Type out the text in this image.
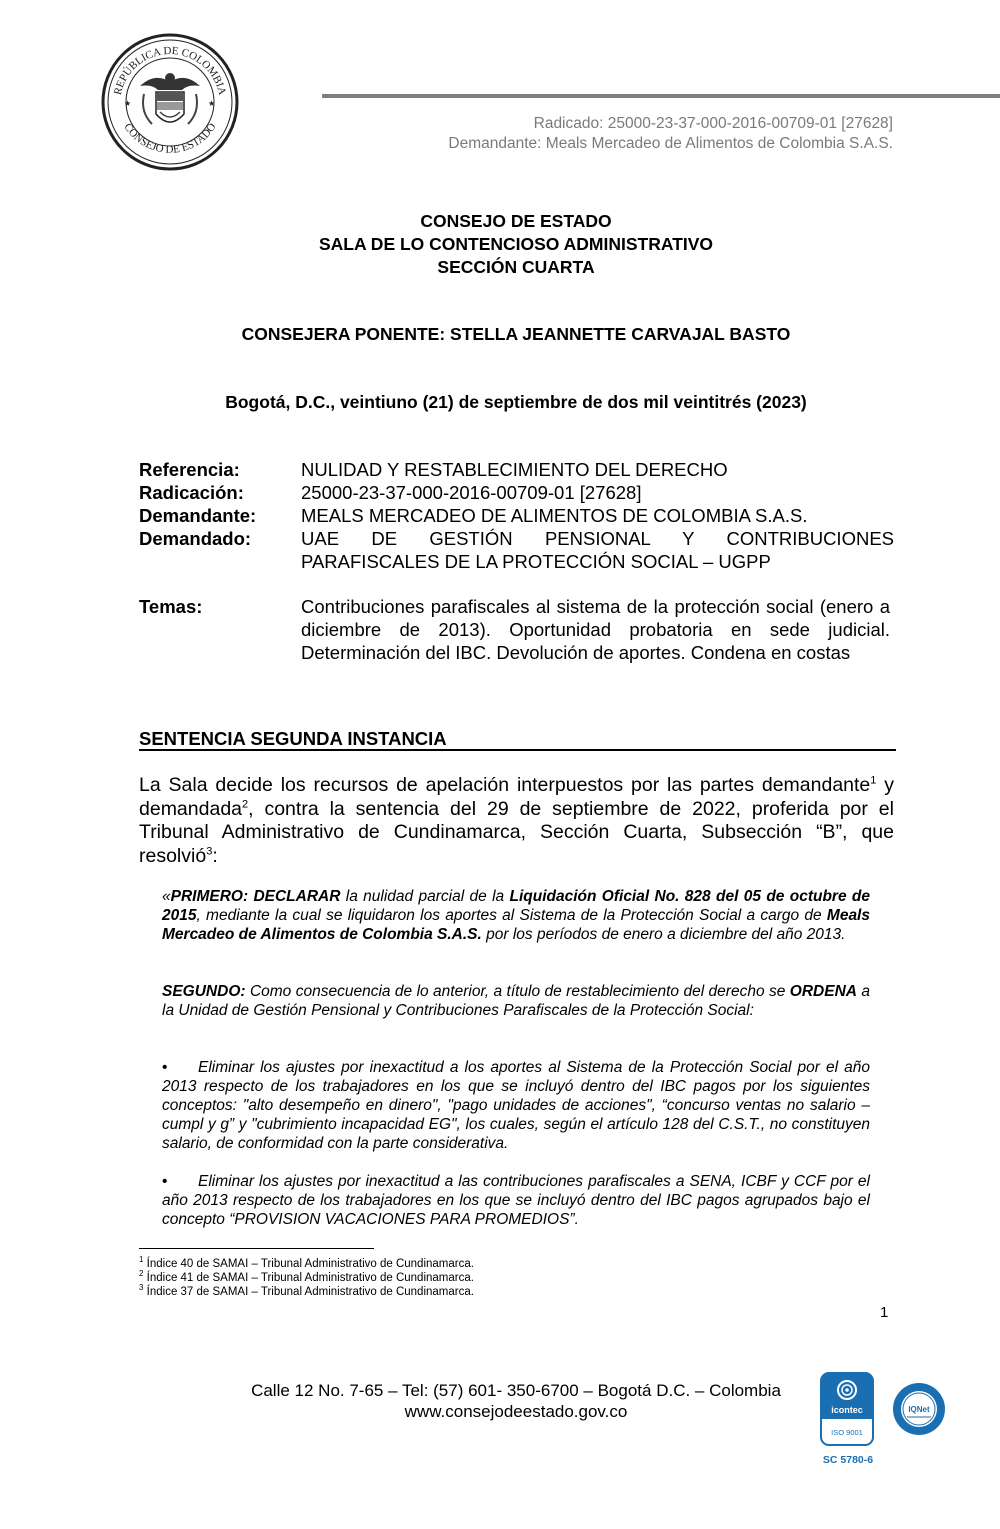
REPÚBLICA DE COLOMBIA
CONSEJO DE ESTADO
★	★
Radicado: 25000-23-37-000-2016-00709-01 [27628]
Demandante: Meals Mercadeo de Alimentos de Colombia S.A.S.
CONSEJO DE ESTADO
SALA DE LO CONTENCIOSO ADMINISTRATIVO
SECCIÓN CUARTA
CONSEJERA PONENTE: STELLA JEANNETTE CARVAJAL BASTO
Bogotá, D.C., veintiuno (21) de septiembre de dos mil veintitrés (2023)
Referencia:	NULIDAD Y RESTABLECIMIENTO DEL DERECHO
Radicación:	25000-23-37-000-2016-00709-01 [27628]
Demandante:	MEALS MERCADEO DE ALIMENTOS DE COLOMBIA S.A.S.
Demandado:	UAE DE GESTIÓN PENSIONAL Y CONTRIBUCIONES PARAFISCALES DE LA PROTECCIÓN SOCIAL – UGPP
Temas:	Contribuciones parafiscales al sistema de la protección social (enero a diciembre de 2013). Oportunidad probatoria en sede judicial. Determinación del IBC. Devolución de aportes. Condena en costas
SENTENCIA SEGUNDA INSTANCIA
La Sala decide los recursos de apelación interpuestos por las partes demandante$^1$ y demandada$^2$, contra la sentencia del 29 de septiembre de 2022, proferida por el Tribunal Administrativo de Cundinamarca, Sección Cuarta, Subsección “B”, que resolvió$^3$:
«PRIMERO: DECLARAR la nulidad parcial de la Liquidación Oficial No. 828 del 05 de octubre de 2015, mediante la cual se liquidaron los aportes al Sistema de la Protección Social a cargo de Meals Mercadeo de Alimentos de Colombia S.A.S. por los períodos de enero a diciembre del año 2013.
SEGUNDO: Como consecuencia de lo anterior, a título de restablecimiento del derecho se ORDENA a la Unidad de Gestión Pensional y Contribuciones Parafiscales de la Protección Social:
• Eliminar los ajustes por inexactitud a los aportes al Sistema de la Protección Social por el año 2013 respecto de los trabajadores en los que se incluyó dentro del IBC pagos por los siguientes conceptos: "alto desempeño en dinero", "pago unidades de acciones", “concurso ventas no salario – cumpl y g” y "cubrimiento incapacidad EG", los cuales, según el artículo 128 del C.S.T., no constituyen salario, de conformidad con la parte considerativa.
• Eliminar los ajustes por inexactitud a las contribuciones parafiscales a SENA, ICBF y CCF por el año 2013 respecto de los trabajadores en los que se incluyó dentro del IBC pagos agrupados bajo el concepto “PROVISION VACACIONES PARA PROMEDIOS”.
$^1$ Índice 40 de SAMAI – Tribunal Administrativo de Cundinamarca.
$^2$ Índice 41 de SAMAI – Tribunal Administrativo de Cundinamarca.
$^3$ Índice 37 de SAMAI – Tribunal Administrativo de Cundinamarca.
1
Calle 12 No. 7-65 – Tel: (57) 601- 350-6700 – Bogotá D.C. – Colombia
www.consejodeestado.gov.co	icontec
ISO 9001
IQNet
SC 5780-6
